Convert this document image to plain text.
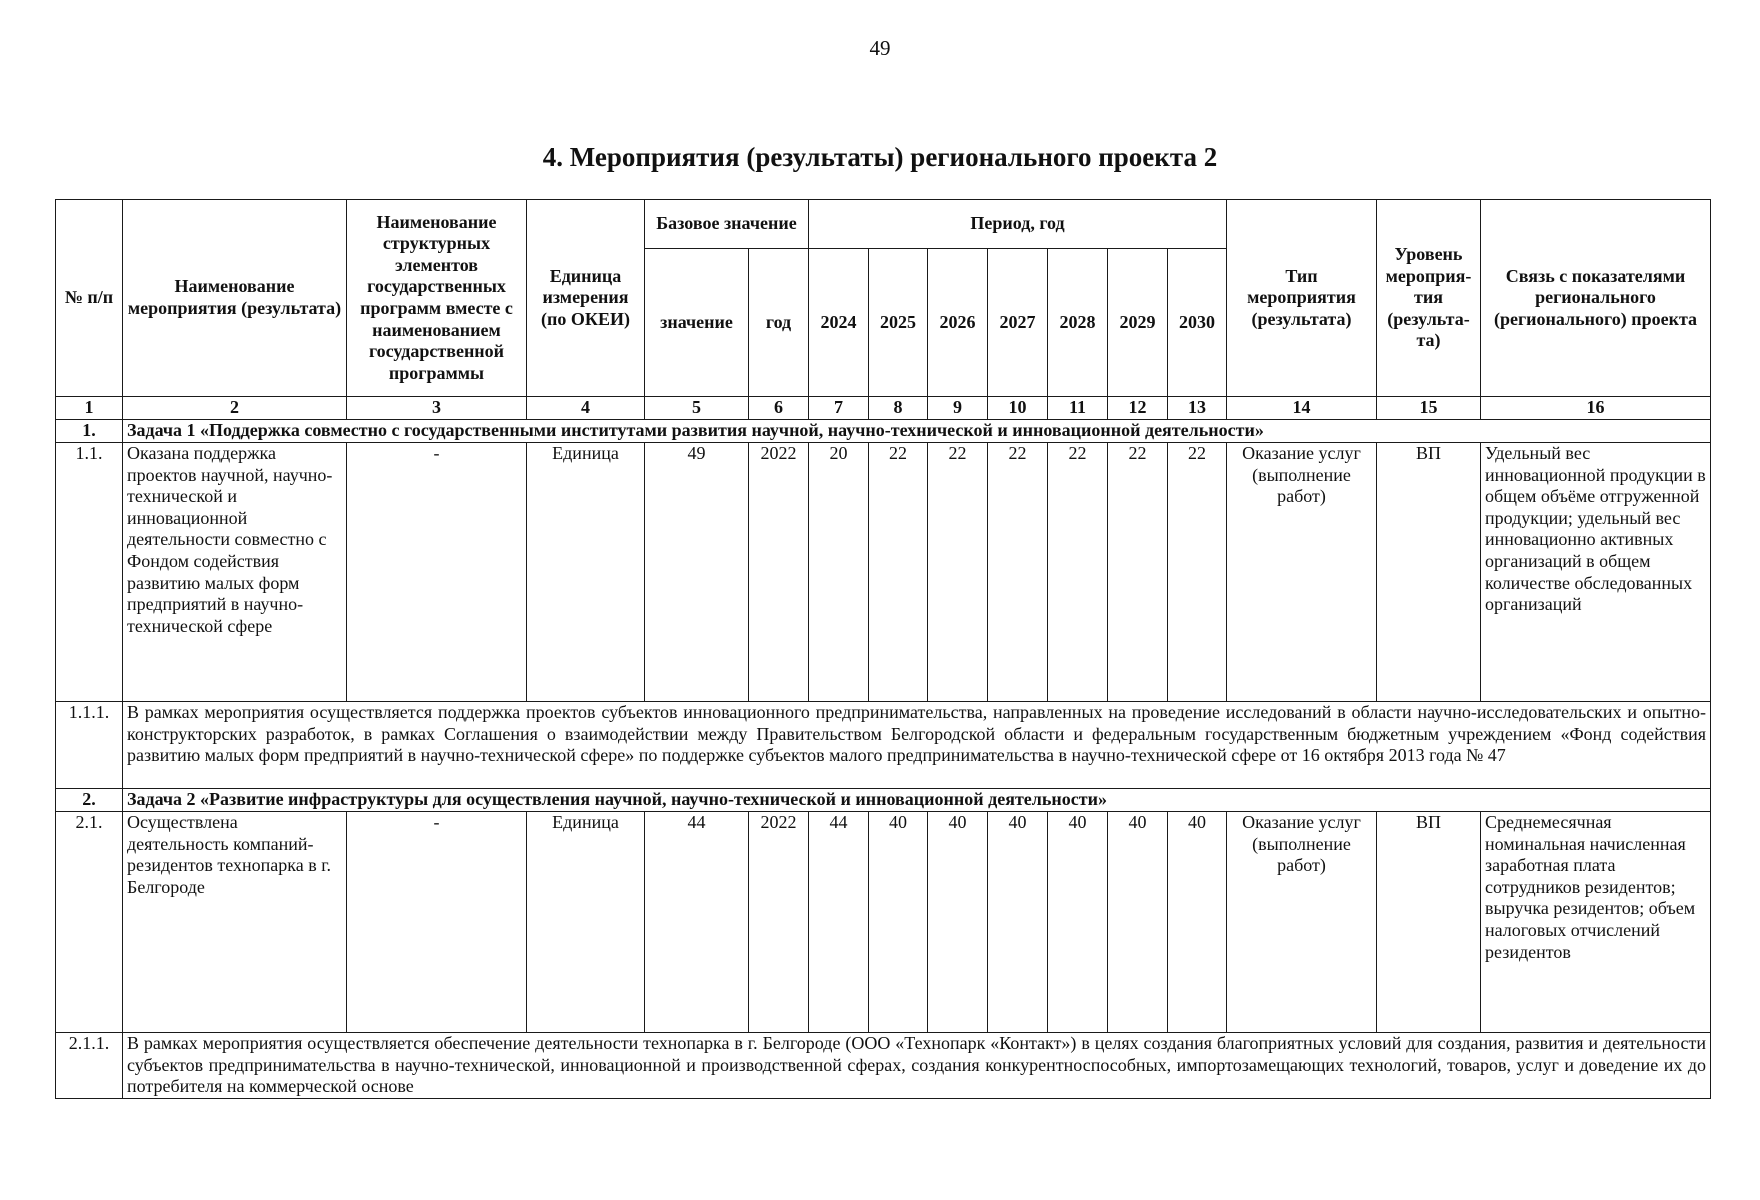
49
4. Мероприятия (результаты) регионального проекта 2
№ п/п	Наименование мероприятия (результата)	Наименование структурных элементов государственных программ вместе с наименованием государственной программы	Единица измерения (по ОКЕИ)	Базовое значение		Период, год							Тип мероприятия (результата)	Уровень мероприя-тия (результа-та)	Связь с показателями регионального (регионального) проекта
				значение	год	2024	2025	2026	2027	2028	2029	2030			
1	2	3	4	5	6	7	8	9	10	11	12	13	14	15	16
1.	Задача 1 «Поддержка совместно с государственными институтами развития научной, научно-технической и инновационной деятельности»														
1.1.	Оказана поддержка проектов научной, научно-технической и инновационной деятельности совместно с Фондом содействия развитию малых форм предприятий в научно-технической сфере	-	Единица	49	2022	20	22	22	22	22	22	22	Оказание услуг (выполнение работ)	ВП	Удельный вес инновационной продукции в общем объёме отгруженной продукции; удельный вес инновационно активных организаций в общем количестве обследованных организаций
1.1.1.	В рамках мероприятия осуществляется поддержка проектов субъектов инновационного предпринимательства, направленных на проведение исследований в области научно-исследовательских и опытно-конструкторских разработок, в рамках Соглашения о взаимодействии между Правительством Белгородской области и федеральным государственным бюджетным учреждением «Фонд содействия развитию малых форм предприятий в научно-технической сфере» по поддержке субъектов малого предпринимательства в научно-технической сфере от 16 октября 2013 года № 47														
2.	Задача 2 «Развитие инфраструктуры для осуществления научной, научно-технической и инновационной деятельности»														
2.1.	Осуществлена деятельность компаний-резидентов технопарка в г. Белгороде	-	Единица	44	2022	44	40	40	40	40	40	40	Оказание услуг (выполнение работ)	ВП	Среднемесячная номинальная начисленная заработная плата сотрудников резидентов; выручка резидентов; объем налоговых отчислений резидентов
2.1.1.	В рамках мероприятия осуществляется обеспечение деятельности технопарка в г. Белгороде (ООО «Технопарк «Контакт») в целях создания благоприятных условий для создания, развития и деятельности субъектов предпринимательства в научно-технической, инновационной и производственной сферах, создания конкурентноспособных, импортозамещающих технологий, товаров, услуг и доведение их до потребителя на коммерческой основе														
